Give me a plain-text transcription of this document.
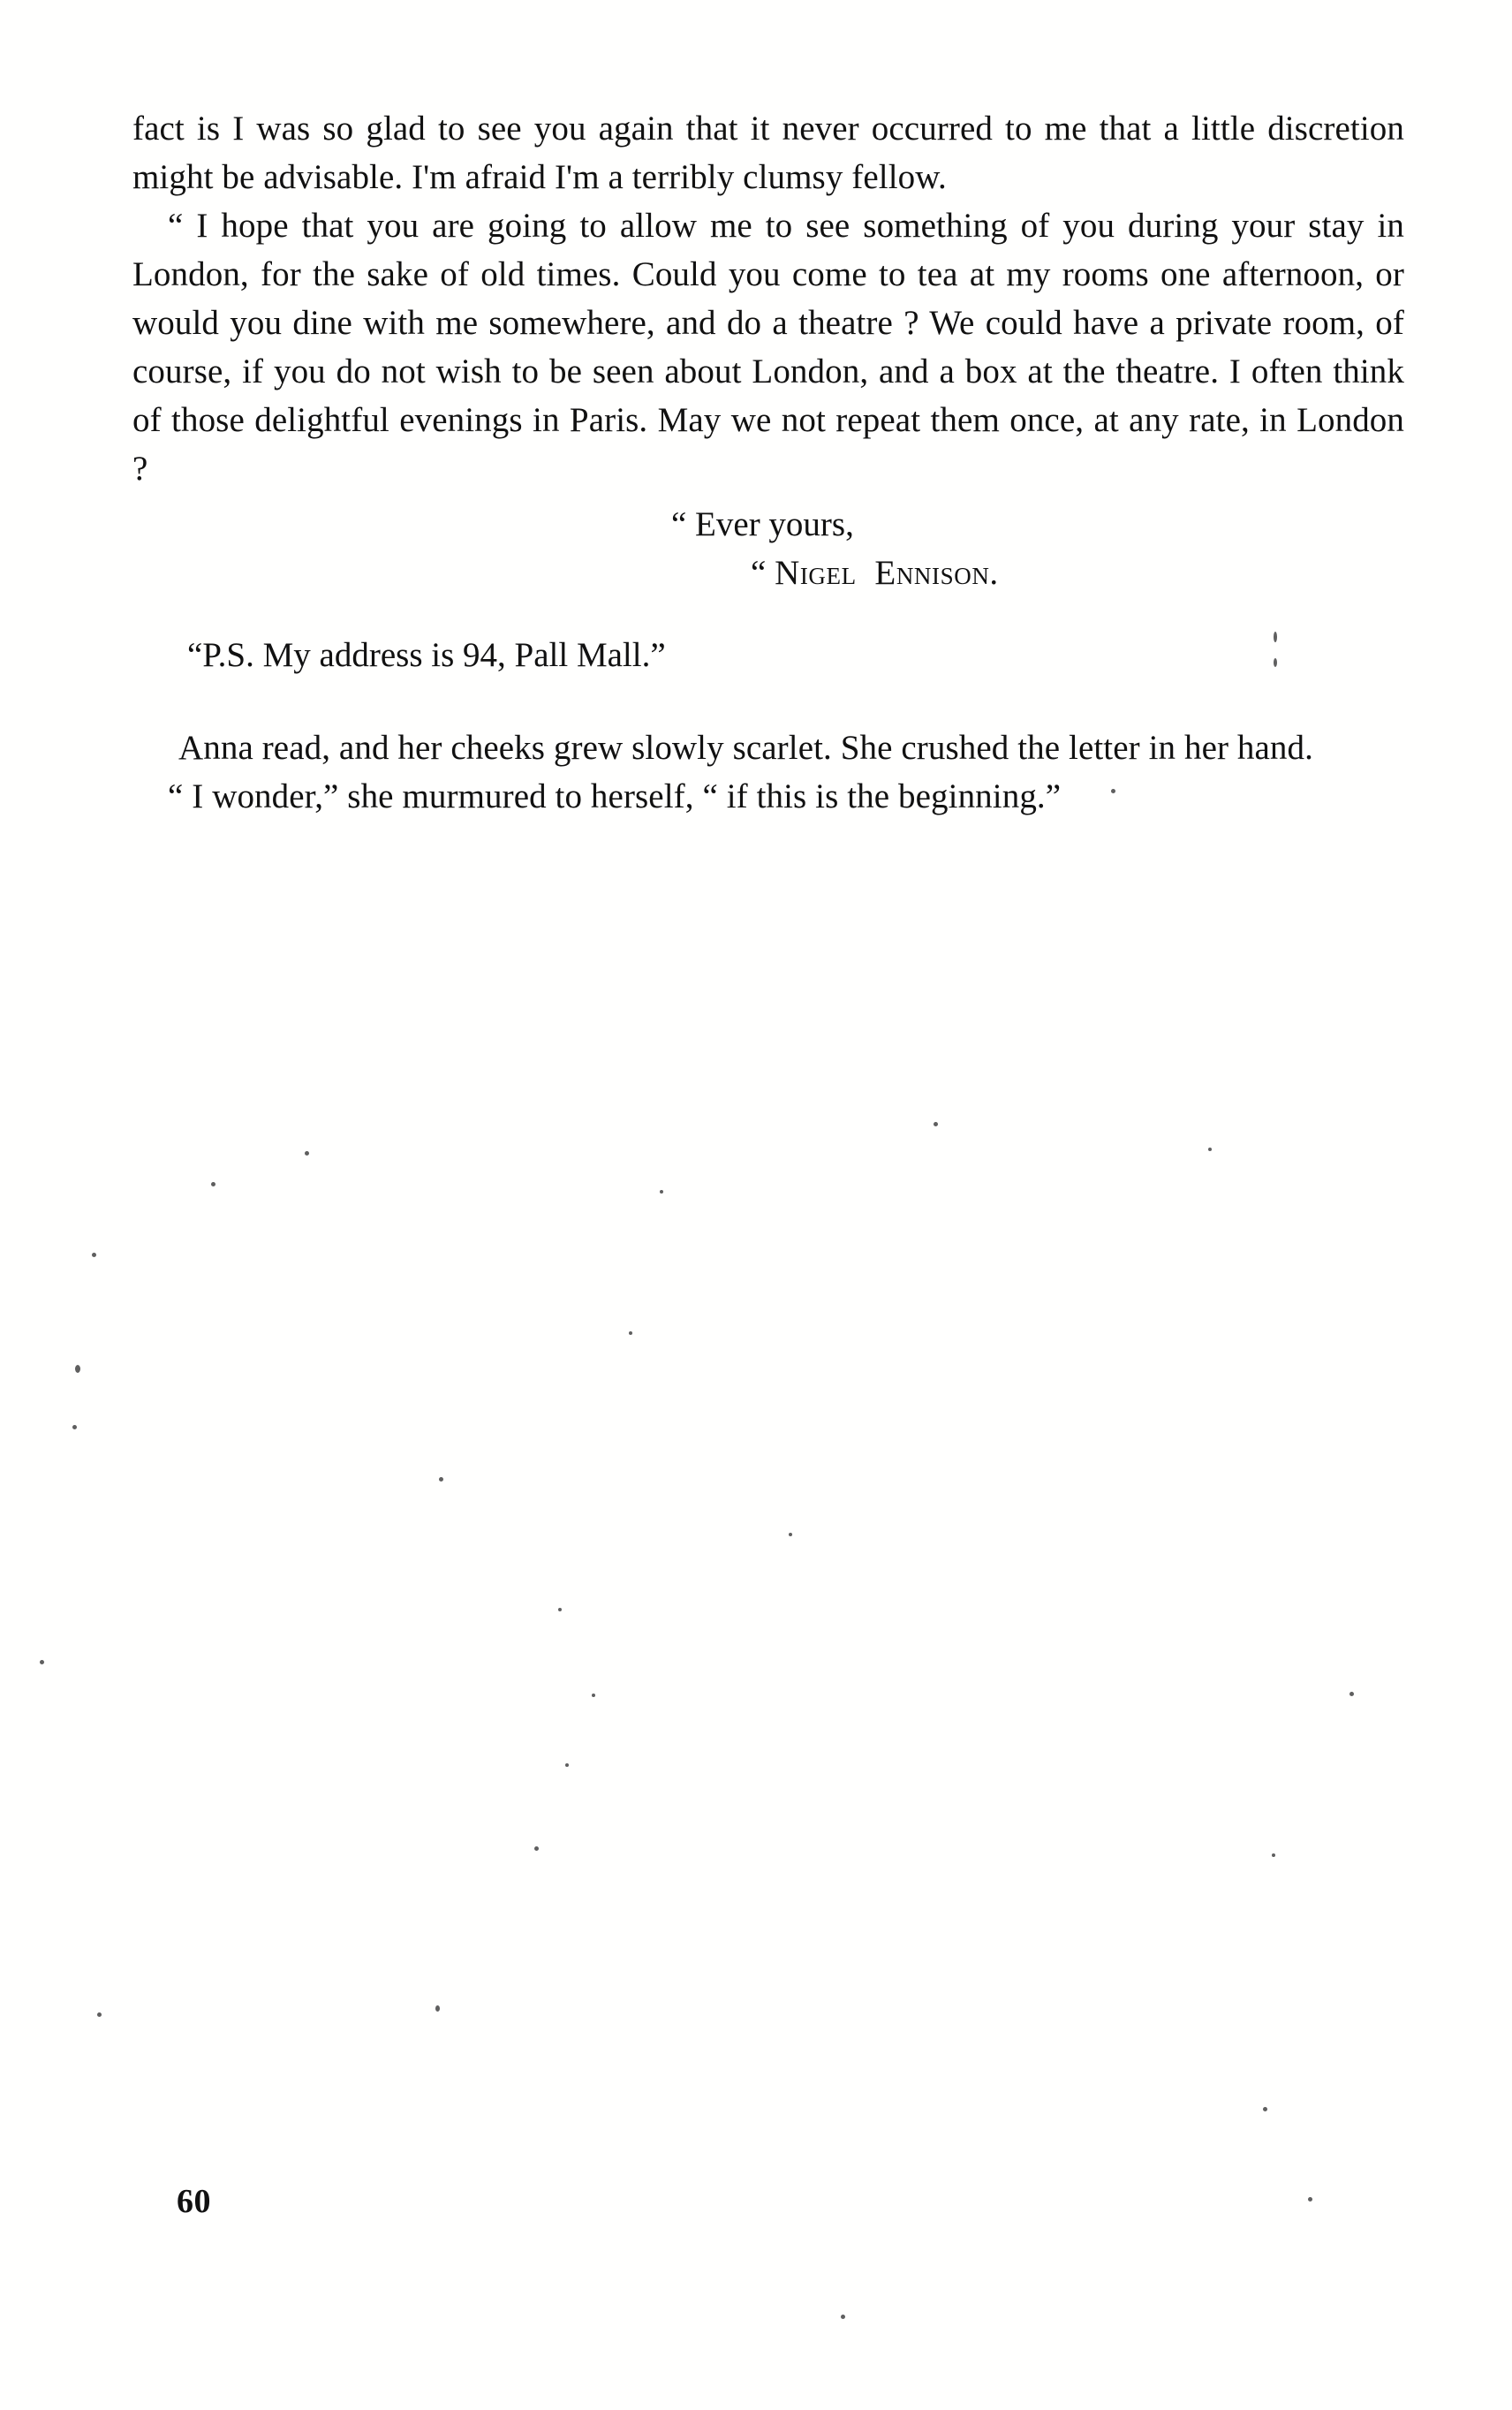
fact is I was so glad to see you again that it never occurred to me that a little discretion might be advisable. I'm afraid I'm a terribly clumsy fellow.

“ I hope that you are going to allow me to see something of you during your stay in London, for the sake of old times. Could you come to tea at my rooms one afternoon, or would you dine with me somewhere, and do a theatre ? We could have a private room, of course, if you do not wish to be seen about London, and a box at the theatre. I often think of those delightful evenings in Paris. May we not repeat them once, at any rate, in London ?

“ Ever yours,

“ Nigel  Ennison.

“P.S. My address is 94, Pall Mall.”

Anna read, and her cheeks grew slowly scarlet. She crushed the letter in her hand.

“ I wonder,” she murmured to herself, “ if this is the beginning.”

60
